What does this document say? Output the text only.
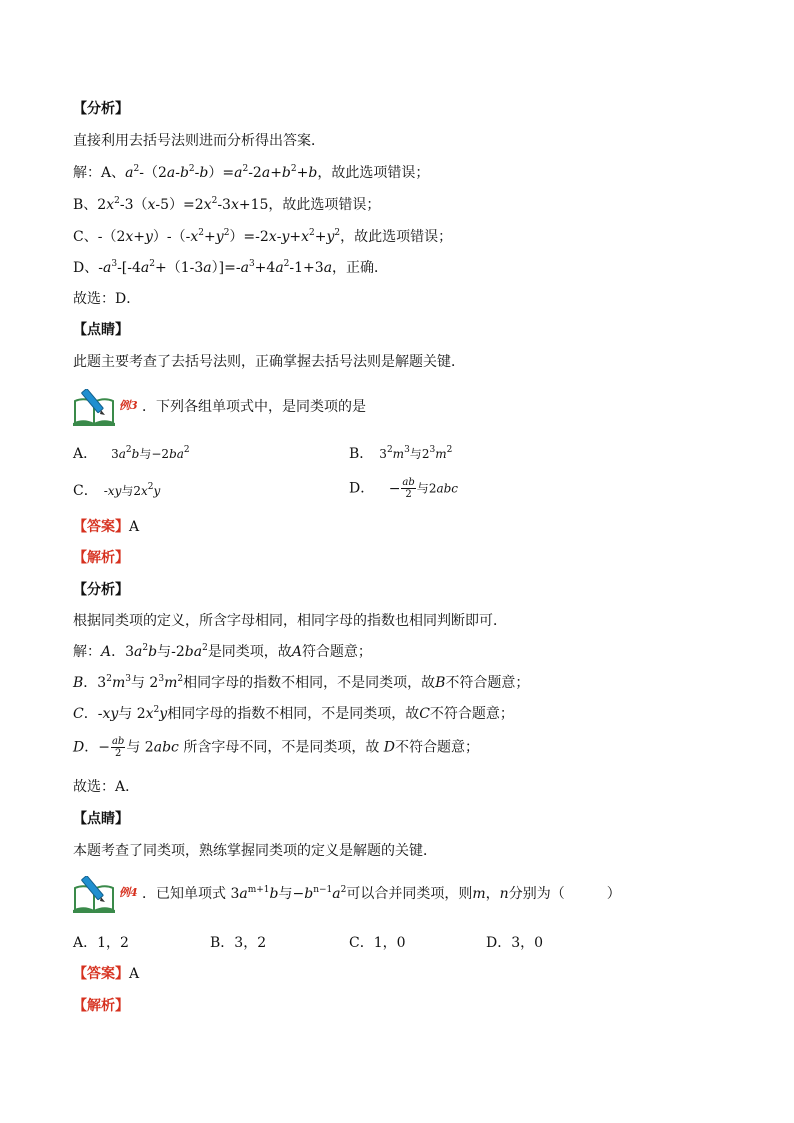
【分析】
直接利用去括号法则进而分析得出答案．
解：A、$a^2-(2a-b^2-b)=a^2-2a+b^2+b$，故此选项错误；
B、$2x^2-3(x-5)=2x^2-3x+15$，故此选项错误；
C、$-(2x+y)-(-x^2+y^2)=-2x-y+x^2+y^2$，故此选项错误；
D、$-a^3-[-4a^2+(1-3a)]=-a^3+4a^2-1+3a$，正确．
故选：D．
【点睛】
此题主要考查了去括号法则，正确掌握去括号法则是解题关键．
例3 ．下列各组单项式中，是同类项的是
A． $3a^2b$与$-2ba^2$	B． $3^2m^3$与$2^3m^2$
C． -xy与$2x^2y$	D． − $\frac{ab}{2}$ 与2abc
【答案】A
【解析】
【分析】
根据同类项的定义，所含字母相同，相同字母的指数也相同判断即可．
解：A．$3a^2b$与$-2ba^2$是同类项，故A符合题意；
B．$3^2m^3$与 $2^3m^2$相同字母的指数不相同，不是同类项，故B不符合题意；
C．-xy与 $2x^2y$相同字母的指数不相同，不是同类项，故C不符合题意；
D．− $\frac{ab}{2}$ 与 2abc 所含字母不同，不是同类项，故 D不符合题意；
故选：A．
【点睛】
本题考查了同类项，熟练掌握同类项的定义是解题的关键．
例4 ．已知单项式 $3a^{m+1}b$与$-b^{n-1}a^2$可以合并同类项，则m，n分别为（　　　）
A．1，2	B．3，2	C．1，0	D．3，0
【答案】A
【解析】
